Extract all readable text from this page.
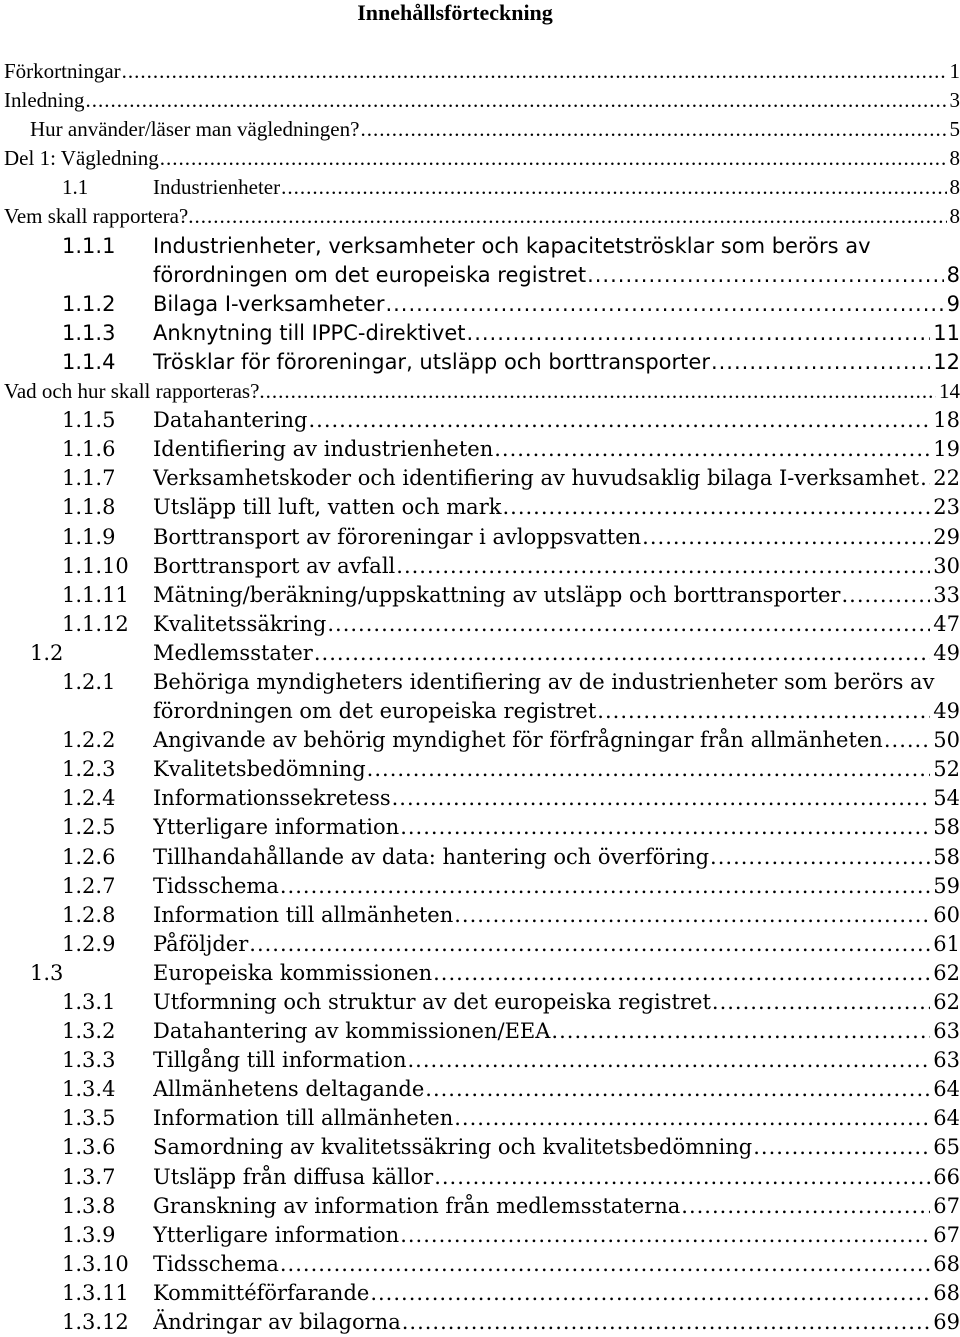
Innehållsförteckning
Förkortningar .....	1
Inledning .....	3
Hur använder/läser man vägledningen? .....	5
Del 1: Vägledning .....	8
1.1	Industrienheter .....	8
Vem skall rapportera?. .....	8
1.1.1 Industrienheter, verksamheter och kapacitetströsklar som berörs av
förordningen om det europeiska registret .....	8
1.1.2 Bilaga I-verksamheter .....	9
1.1.3 Anknytning till IPPC-direktivet .....	11
1.1.4 Trösklar för föroreningar, utsläpp och borttransporter .....	12
Vad och hur skall rapporteras?. .....	14
1.1.5 Datahantering .....	18
1.1.6 Identifiering av industrienheten .....	19
1.1.7 Verksamhetskoder och identifiering av huvudsaklig bilaga I-verksamhet ..... 22
1.1.8 Utsläpp till luft, vatten och mark .....	23
1.1.9 Borttransport av föroreningar i avloppsvatten .....	29
1.1.10 Borttransport av avfall .....	30
1.1.11 Mätning/beräkning/uppskattning av utsläpp och borttransporter .....	33
1.1.12 Kvalitetssäkring .....	47
1.2	Medlemsstater .....	49
1.2.1 Behöriga myndigheters identifiering av de industrienheter som berörs av
förordningen om det europeiska registret .....	49
1.2.2 Angivande av behörig myndighet för förfrågningar från allmänheten ..... 50
1.2.3 Kvalitetsbedömning .....	52
1.2.4 Informationssekretess .....	54
1.2.5 Ytterligare information .....	58
1.2.6 Tillhandahållande av data: hantering och överföring .....	58
1.2.7 Tidsschema .....	59
1.2.8 Information till allmänheten .....	60
1.2.9 Påföljder .....	61
1.3	Europeiska kommissionen .....	62
1.3.1 Utformning och struktur av det europeiska registret .....	62
1.3.2 Datahantering av kommissionen/EEA .....	63
1.3.3 Tillgång till information .....	63
1.3.4 Allmänhetens deltagande .....	64
1.3.5 Information till allmänheten .....	64
1.3.6 Samordning av kvalitetssäkring och kvalitetsbedömning .....	65
1.3.7 Utsläpp från diffusa källor .....	66
1.3.8 Granskning av information från medlemsstaterna .....	67
1.3.9 Ytterligare information .....	67
1.3.10 Tidsschema .....	68
1.3.11 Kommittéförfarande .....	68
1.3.12 Ändringar av bilagorna .....	69
